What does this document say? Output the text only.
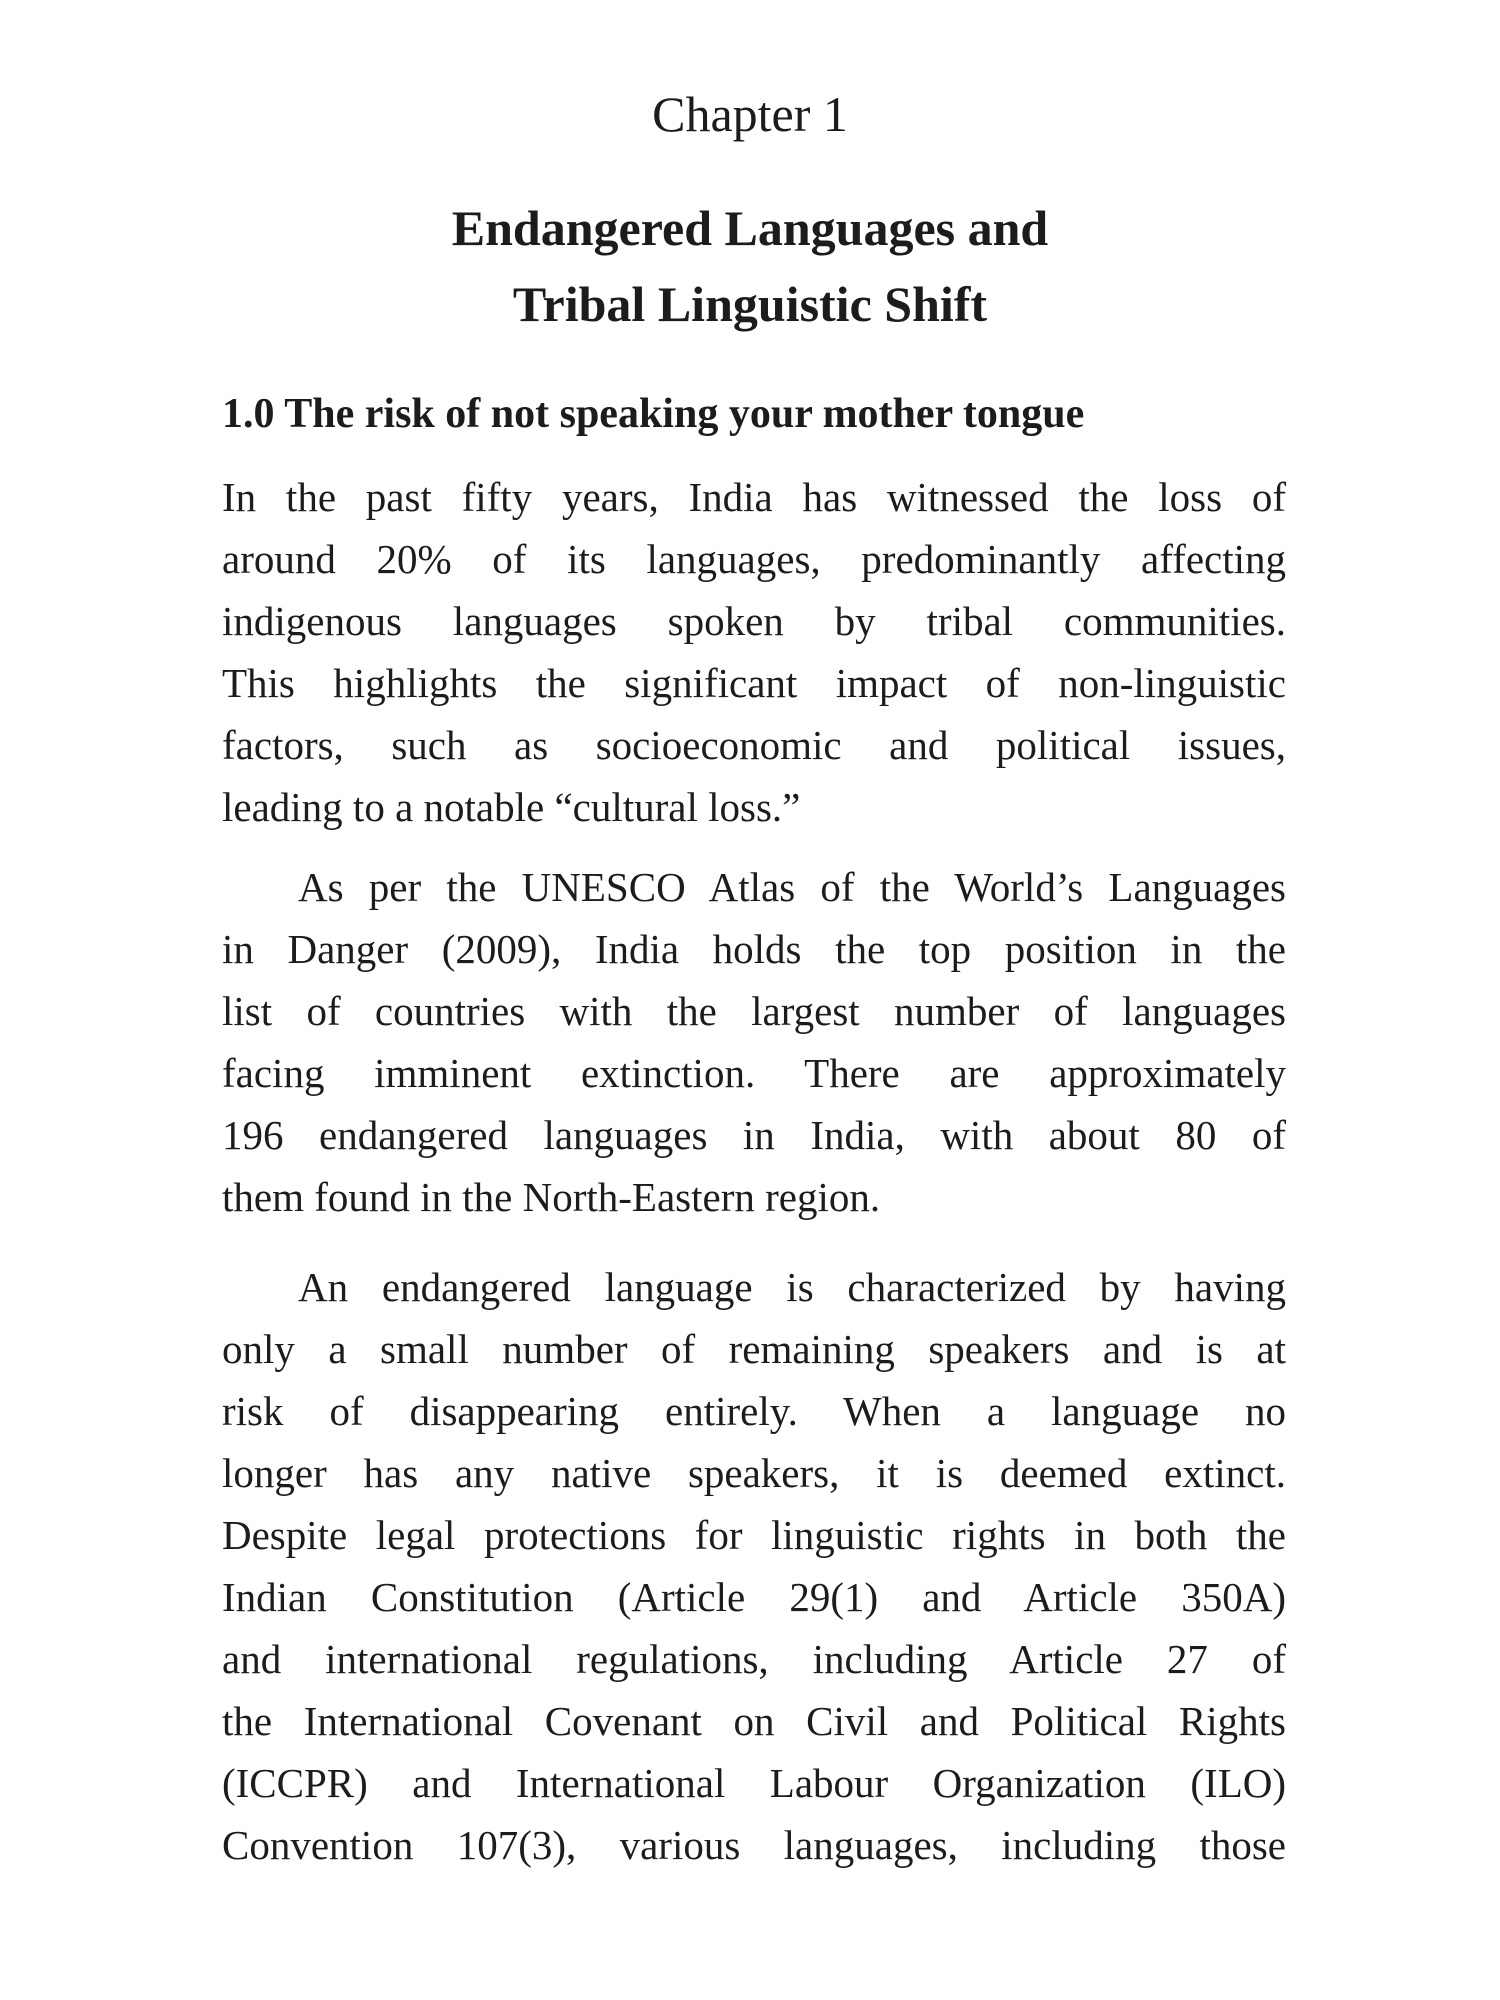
Chapter 1
Endangered Languages and
Tribal Linguistic Shift
1.0 The risk of not speaking your mother tongue

In the past fifty years, India has witnessed the loss of
around 20% of its languages, predominantly affecting
indigenous languages spoken by tribal communities.
This highlights the significant impact of non-linguistic
factors, such as socioeconomic and political issues,
leading to a notable “cultural loss.”

As per the UNESCO Atlas of the World’s Languages
in Danger (2009), India holds the top position in the
list of countries with the largest number of languages
facing imminent extinction. There are approximately
196 endangered languages in India, with about 80 of
them found in the North-Eastern region.

An endangered language is characterized by having
only a small number of remaining speakers and is at
risk of disappearing entirely. When a language no
longer has any native speakers, it is deemed extinct.
Despite legal protections for linguistic rights in both the
Indian Constitution (Article 29(1) and Article 350A)
and international regulations, including Article 27 of
the International Covenant on Civil and Political Rights
(ICCPR) and International Labour Organization (ILO)
Convention 107(3), various languages, including those
